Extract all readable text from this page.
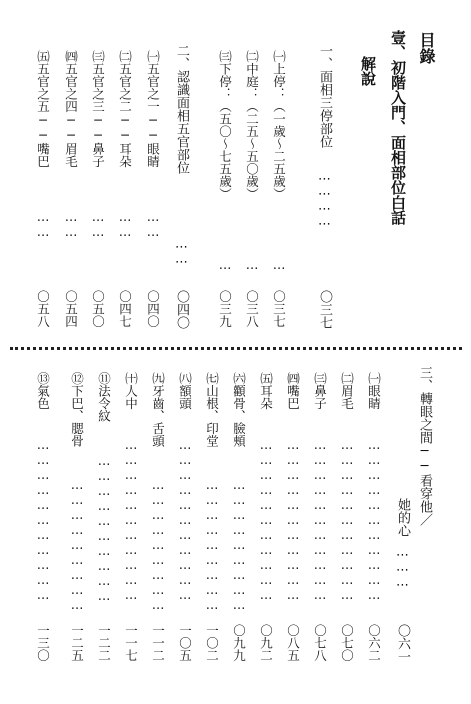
目錄
壹、初階入門、面相部位白話
解說
一、面相三停部位
⋯⋯⋯⋯
〇三七
㈠上停：（一歲～二五歲）
⋯
〇三七
㈡中庭：（二五～五〇歲）
⋯
〇三八
㈢下停：（五〇～七五歲）
⋯
〇三九
二、認識面相五官部位
⋯⋯
〇四〇
㈠五官之一──眼睛
⋯⋯
〇四〇
㈡五官之二──耳朵
⋯⋯
〇四七
㈢五官之三──鼻子
⋯⋯
〇五〇
㈣五官之四──眉毛
⋯⋯
〇五四
㈤五官之五──嘴巴
⋯⋯
〇五八
三、轉眼之間──看穿他／
她的心
⋯⋯⋯
〇六一
㈠眼睛
⋯⋯⋯⋯⋯⋯⋯⋯⋯⋯⋯
〇六二
㈡眉毛
⋯⋯⋯⋯⋯⋯⋯⋯⋯⋯⋯
〇七〇
㈢鼻子
⋯⋯⋯⋯⋯⋯⋯⋯⋯⋯⋯
〇七八
㈣嘴巴
⋯⋯⋯⋯⋯⋯⋯⋯⋯⋯⋯
〇八五
㈤耳朵
⋯⋯⋯⋯⋯⋯⋯⋯⋯⋯⋯
〇九二
㈥顴骨、臉頰
⋯⋯⋯⋯⋯⋯⋯⋯⋯
〇九九
㈦山根、印堂
⋯⋯⋯⋯⋯⋯⋯⋯⋯
一〇二
㈧額頭
⋯⋯⋯⋯⋯⋯⋯⋯⋯⋯⋯
一〇五
㈨牙齒、舌頭
⋯⋯⋯⋯⋯⋯⋯⋯⋯
一一二
㈩人中
⋯⋯⋯⋯⋯⋯⋯⋯⋯⋯⋯
一一七
⑪法令紋
⋯⋯⋯⋯⋯⋯⋯⋯⋯⋯
一二二
⑫下巴、腮骨
⋯⋯⋯⋯⋯⋯⋯⋯⋯
一二五
⑬氣色
⋯⋯⋯⋯⋯⋯⋯⋯⋯⋯⋯
一三〇
